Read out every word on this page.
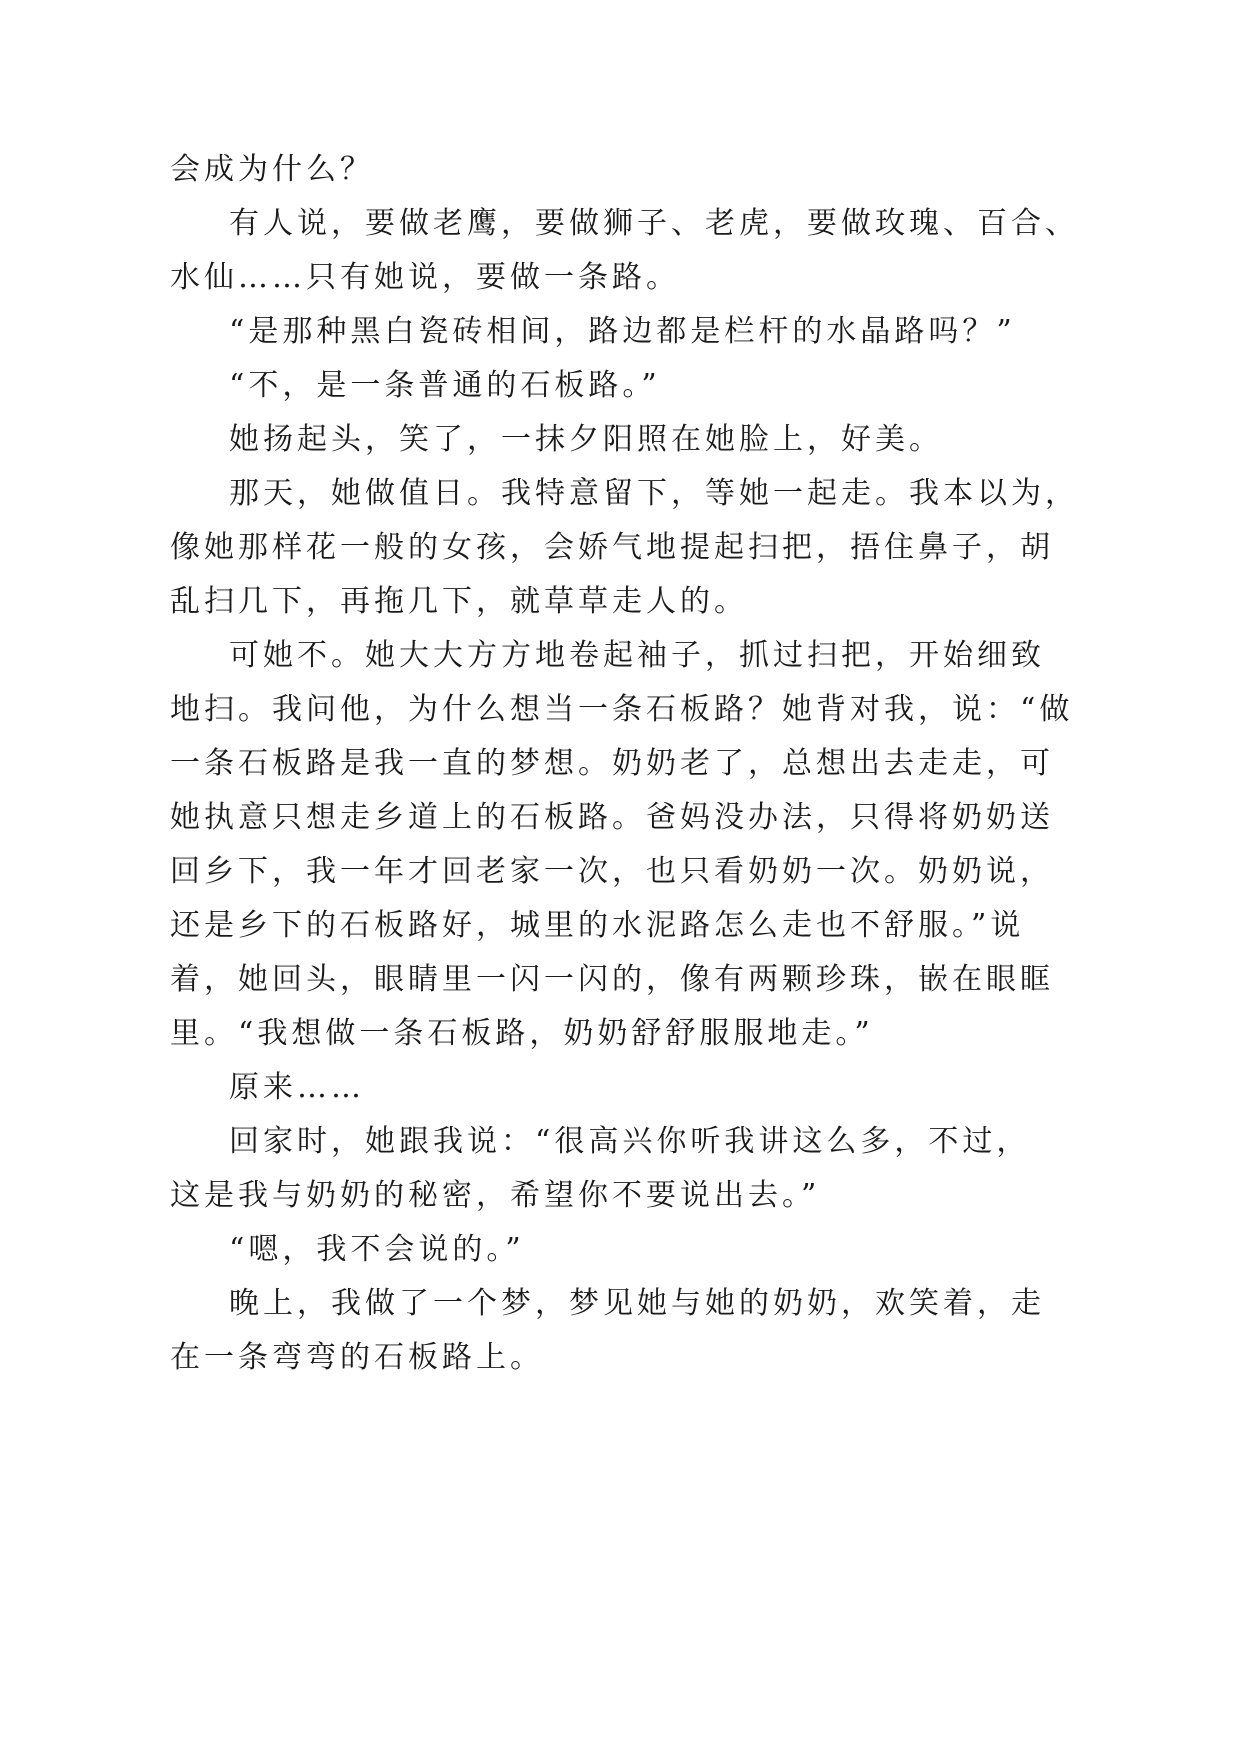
会成为什么？
有人说，要做老鹰，要做狮子、老虎，要做玫瑰、百合、
水仙……只有她说，要做一条路。
“是那种黑白瓷砖相间，路边都是栏杆的水晶路吗？”
“不，是一条普通的石板路。”
她扬起头，笑了，一抹夕阳照在她脸上，好美。
那天，她做值日。我特意留下，等她一起走。我本以为，
像她那样花一般的女孩，会娇气地提起扫把，捂住鼻子，胡
乱扫几下，再拖几下，就草草走人的。
可她不。她大大方方地卷起袖子，抓过扫把，开始细致
地扫。我问他，为什么想当一条石板路？她背对我，说：“做
一条石板路是我一直的梦想。奶奶老了，总想出去走走，可
她执意只想走乡道上的石板路。爸妈没办法，只得将奶奶送
回乡下，我一年才回老家一次，也只看奶奶一次。奶奶说，
还是乡下的石板路好，城里的水泥路怎么走也不舒服。”说
着，她回头，眼睛里一闪一闪的，像有两颗珍珠，嵌在眼眶
里。“我想做一条石板路，奶奶舒舒服服地走。”
原来……
回家时，她跟我说：“很高兴你听我讲这么多，不过，
这是我与奶奶的秘密，希望你不要说出去。”
“嗯，我不会说的。”
晚上，我做了一个梦，梦见她与她的奶奶，欢笑着，走
在一条弯弯的石板路上。
